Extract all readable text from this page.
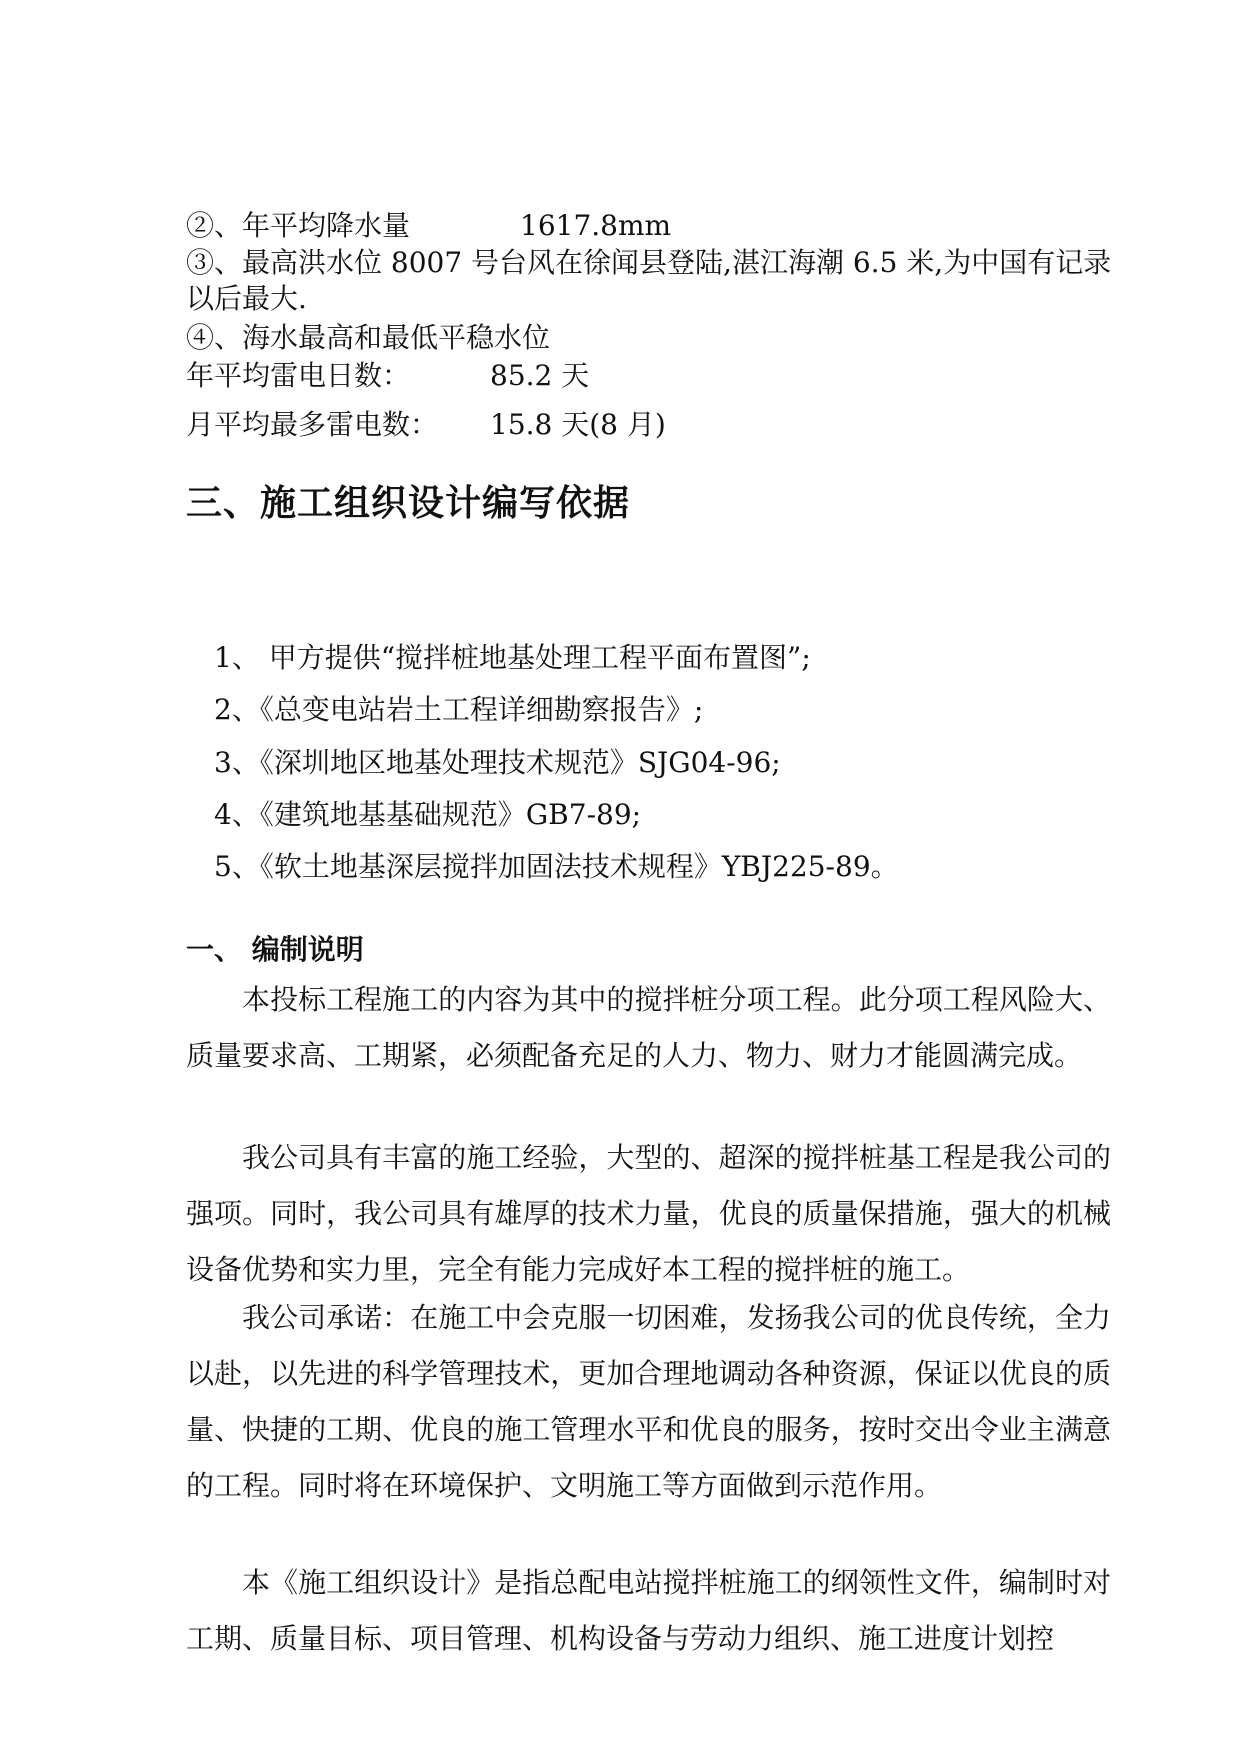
②、年平均降水量	1617.8mm
③、最高洪水位 8007 号台风在徐闻县登陆,湛江海潮 6.5 米,为中国有记录以后最大.
④、海水最高和最低平稳水位
年平均雷电日数：	85.2 天
月平均最多雷电数： 15.8 天(8 月)
三、施工组织设计编写依据
1、 甲方提供“搅拌桩地基处理工程平面布置图”;
2、《总变电站岩土工程详细勘察报告》;
3、《深圳地区地基处理技术规范》SJG04-96;
4、《建筑地基基础规范》GB7-89;
5、《软土地基深层搅拌加固法技术规程》YBJ225-89。
一、 编制说明
本投标工程施工的内容为其中的搅拌桩分项工程。此分项工程风险大、质量要求高、工期紧，必须配备充足的人力、物力、财力才能圆满完成。
我公司具有丰富的施工经验，大型的、超深的搅拌桩基工程是我公司的强项。同时，我公司具有雄厚的技术力量，优良的质量保措施，强大的机械设备优势和实力里，完全有能力完成好本工程的搅拌桩的施工。
我公司承诺：在施工中会克服一切困难，发扬我公司的优良传统，全力以赴，以先进的科学管理技术，更加合理地调动各种资源，保证以优良的质量、快捷的工期、优良的施工管理水平和优良的服务，按时交出令业主满意的工程。同时将在环境保护、文明施工等方面做到示范作用。
本《施工组织设计》是指总配电站搅拌桩施工的纲领性文件，编制时对工期、质量目标、项目管理、机构设备与劳动力组织、施工进度计划控
